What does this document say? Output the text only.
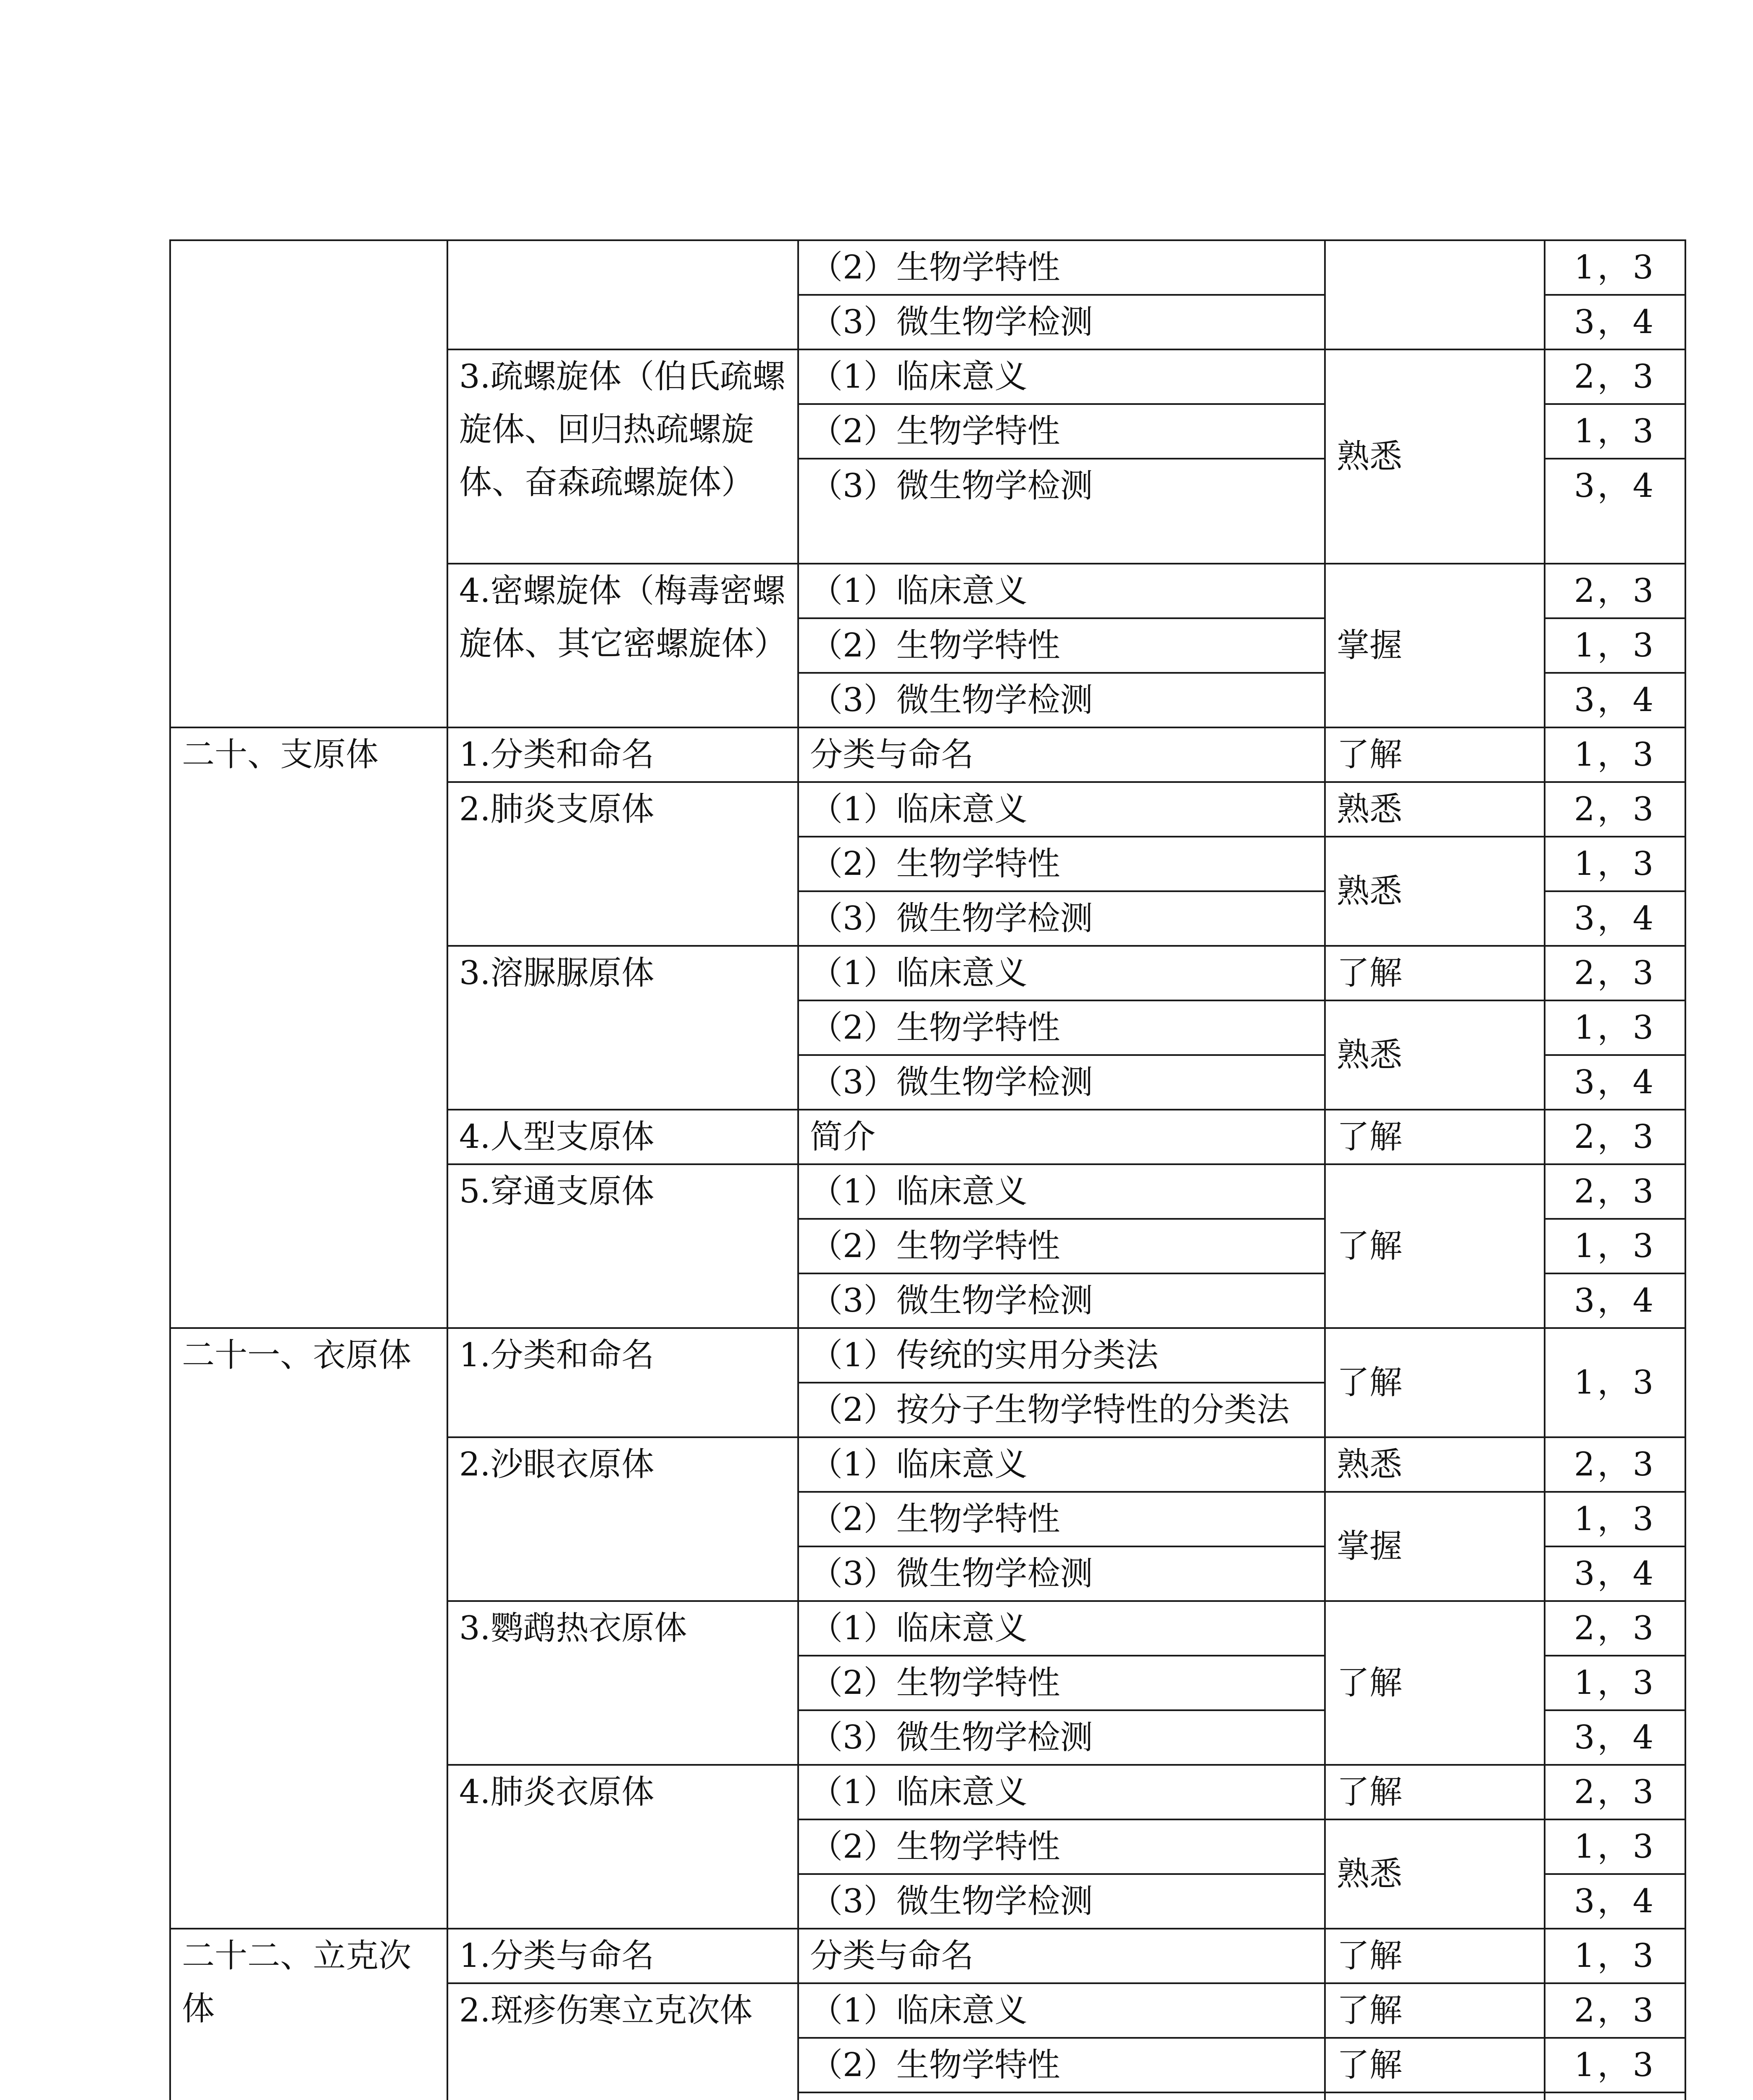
		（2）生物学特性		1，3
		（3）微生物学检测		3，4
	3.疏螺旋体（伯氏疏螺旋体、回归热疏螺旋体、奋森疏螺旋体）	（1）临床意义	熟悉	2，3
		（2）生物学特性		1，3
		（3）微生物学检测		3，4
	4.密螺旋体（梅毒密螺旋体、其它密螺旋体）	（1）临床意义	掌握	2，3
		（2）生物学特性		1，3
		（3）微生物学检测		3，4
二十、支原体	1.分类和命名	分类与命名	了解	1，3
	2.肺炎支原体	（1）临床意义	熟悉	2，3
		（2）生物学特性	熟悉	1，3
		（3）微生物学检测		3，4
	3.溶脲脲原体	（1）临床意义	了解	2，3
		（2）生物学特性	熟悉	1，3
		（3）微生物学检测		3，4
	4.人型支原体	简介	了解	2，3
	5.穿通支原体	（1）临床意义	了解	2，3
		（2）生物学特性		1，3
		（3）微生物学检测		3，4
二十一、衣原体	1.分类和命名	（1）传统的实用分类法	了解	1，3
		（2）按分子生物学特性的分类法		
	2.沙眼衣原体	（1）临床意义	熟悉	2，3
		（2）生物学特性	掌握	1，3
		（3）微生物学检测		3，4
	3.鹦鹉热衣原体	（1）临床意义	了解	2，3
		（2）生物学特性		1，3
		（3）微生物学检测		3，4
	4.肺炎衣原体	（1）临床意义	了解	2，3
		（2）生物学特性	熟悉	1，3
		（3）微生物学检测		3，4
二十二、立克次体	1.分类与命名	分类与命名	了解	1，3
	2.斑疹伤寒立克次体	（1）临床意义	了解	2，3
		（2）生物学特性	了解	1，3
